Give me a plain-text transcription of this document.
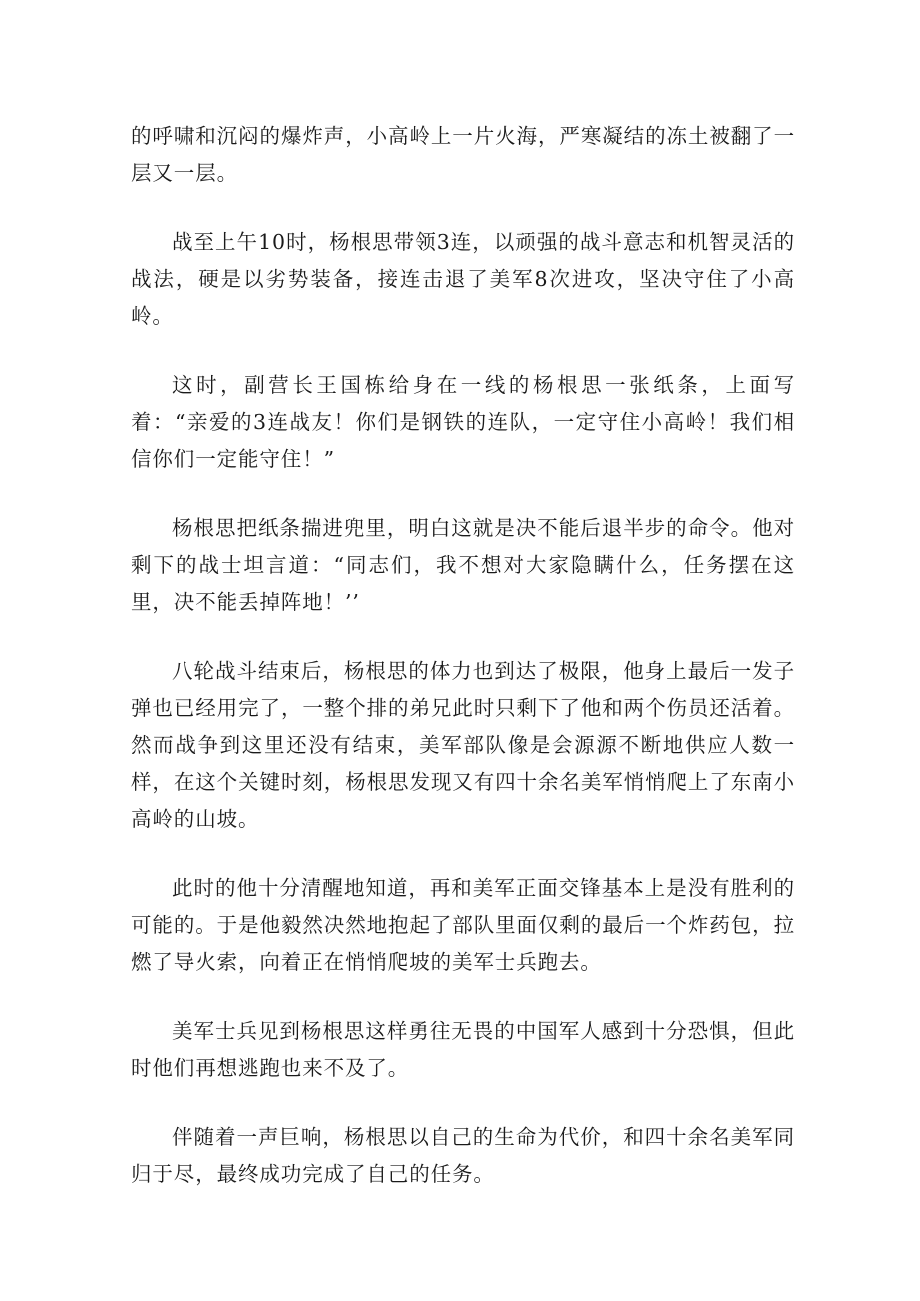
的呼啸和沉闷的爆炸声，小高岭上一片火海，严寒凝结的冻土被翻了一层又一层。

战至上午10时，杨根思带领3连，以顽强的战斗意志和机智灵活的战法，硬是以劣势装备，接连击退了美军8次进攻，坚决守住了小高岭。

这时，副营长王国栋给身在一线的杨根思一张纸条，上面写着：“亲爱的3连战友！你们是钢铁的连队，一定守住小高岭！我们相信你们一定能守住！”

杨根思把纸条揣进兜里，明白这就是决不能后退半步的命令。他对剩下的战士坦言道：“同志们，我不想对大家隐瞒什么，任务摆在这里，决不能丢掉阵地！’’

八轮战斗结束后，杨根思的体力也到达了极限，他身上最后一发子弹也已经用完了，一整个排的弟兄此时只剩下了他和两个伤员还活着。然而战争到这里还没有结束，美军部队像是会源源不断地供应人数一样，在这个关键时刻，杨根思发现又有四十余名美军悄悄爬上了东南小高岭的山坡。

此时的他十分清醒地知道，再和美军正面交锋基本上是没有胜利的可能的。于是他毅然决然地抱起了部队里面仅剩的最后一个炸药包，拉燃了导火索，向着正在悄悄爬坡的美军士兵跑去。

美军士兵见到杨根思这样勇往无畏的中国军人感到十分恐惧，但此时他们再想逃跑也来不及了。

伴随着一声巨响，杨根思以自己的生命为代价，和四十余名美军同归于尽，最终成功完成了自己的任务。
